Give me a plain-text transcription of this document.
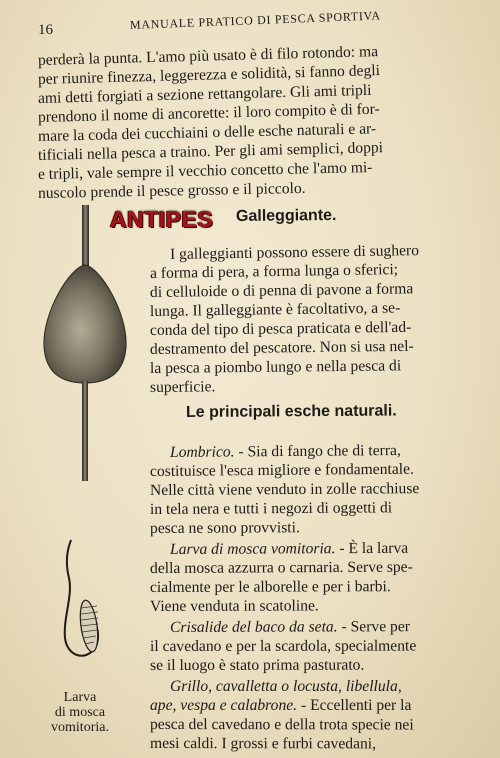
16	MANUALE PRATICO DI PESCA SPORTIVA
perderà la punta. L'amo più usato è di filo rotondo: ma
per riunire finezza, leggerezza e solidità, si fanno degli
ami detti forgiati a sezione rettangolare. Gli ami tripli
prendono il nome di ancorette: il loro compito è di for-
mare la coda dei cucchiaini o delle esche naturali e ar-
tificiali nella pesca a traino. Per gli ami semplici, doppi
e tripli, vale sempre il vecchio concetto che l'amo mi-
nuscolo prende il pesce grosso e il piccolo.
ANTIPES Galleggiante.
I galleggianti possono essere di sughero
a forma di pera, a forma lunga o sferici;
di celluloide o di penna di pavone a forma
lunga. Il galleggiante è facoltativo, a se-
conda del tipo di pesca praticata e dell'ad-
destramento del pescatore. Non si usa nel-
la pesca a piombo lungo e nella pesca di
superficie.
Le principali esche naturali.
Lombrico. - Sia di fango che di terra,
costituisce l'esca migliore e fondamentale.
Nelle città viene venduto in zolle racchiuse
in tela nera e tutti i negozi di oggetti di
pesca ne sono provvisti.
Larva di mosca vomitoria. - È la larva
della mosca azzurra o carnaria. Serve spe-
cialmente per le alborelle e per i barbi.
Viene venduta in scatoline.
Crisalide del baco da seta. - Serve per
il cavedano e per la scardola, specialmente
se il luogo è stato prima pasturato.
Grillo, cavalletta o locusta, libellula,
ape, vespa e calabrone. - Eccellenti per la
pesca del cavedano e della trota specie nei
mesi caldi. I grossi e furbi cavedani,
Larva
di mosca
vomitoria.
